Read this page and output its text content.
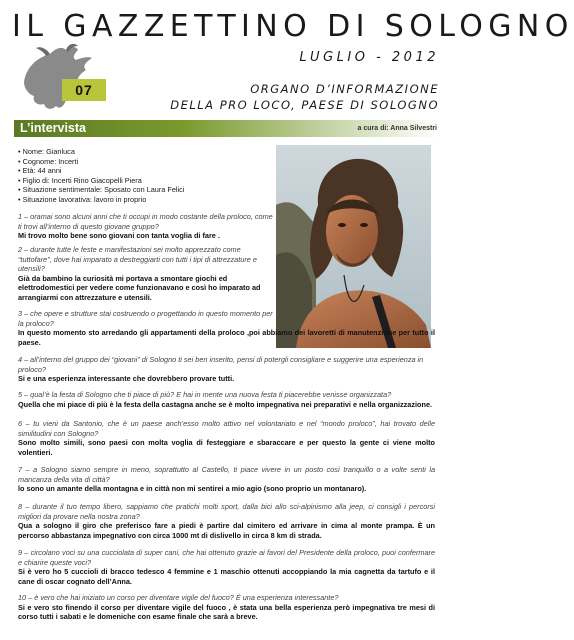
IL GAZZETTINO DI SOLOGNO
07
LUGLIO - 2012
ORGANO D’INFORMAZIONE
DELLA PRO LOCO, PAESE DI SOLOGNO
L’intervista	a cura di: Anna Silvestri
• Nome: Gianluca
• Cognome: Incerti
• Età: 44 anni
• Figlio di: Incerti Rino Giacopelli Piera
• Situazione sentimentale: Sposato con Laura Felici
• Situazione lavorativa: lavoro in proprio
1 – oramai sono alcuni anni che ti occupi in modo costante della proloco, come ti trovi all’interno di questo giovane gruppo?
Mi trovo molto bene sono giovani con tanta voglia di fare .
2 – durante tutte le feste e manifestazioni sei molto apprezzato come “tuttofare”, dove hai imparato a destreggiarti con tutti i tipi di attrezzature e utensili?
Già da bambino la curiosità mi portava a smontare giochi ed elettrodomestici per vedere come funzionavano e così ho imparato ad arrangiarmi con attrezzature e utensili.
3 – che opere e strutture stai costruendo o progettando in questo momento per la proloco?
In questo momento sto arredando gli appartamenti della proloco ,poi abbiamo dei lavoretti di manutenzione per tutto il paese.
4 – all’interno del gruppo dei “giovani” di Sologno ti sei ben inserito, pensi di potergli consigliare e suggerire una esperienza in proloco?
Si e una esperienza interessante che dovrebbero provare tutti.
5 – qual’è la festa di Sologno che ti piace di più? E hai in mente una nuova festa ti piacerebbe venisse organizzata?
Quella che mi piace di più è la festa della castagna anche se è molto impegnativa nei preparativi e nella organizzazione.
6 – tu vieni da Santonio, che è un paese anch’esso molto attivo nel volontariato e nel “mondo proloco”, hai trovato delle similitudini con Sologno?
Sono molto simili, sono paesi con molta voglia di festeggiare e sbaraccare e per questo la gente ci viene molto volentieri.
7 – a Sologno siamo sempre in meno, soprattutto al Castello, ti piace vivere in un posto così tranquillo o a volte senti la mancanza della vita di città?
lo sono un amante della montagna e in città non mi sentirei a mio agio (sono proprio un montanaro).
8 – durante il tuo tempo libero, sappiamo che pratichi molti sport, dalla bici allo sci-alpinismo alla jeep, ci consigli i percorsi migliori da provare nella nostra zona?
Qua a sologno il giro che preferisco fare a piedi è partire dal cimitero ed arrivare in cima al monte prampa. È un percorso abbastanza impegnativo con circa 1000 mt di dislivello in circa 8 km di strada.
9 – circolano voci su una cucciolata di super cani, che hai ottenuto grazie ai favori del Presidente della proloco, puoi confermare e chiarire queste voci?
Si è vero ho 5 cuccioli di bracco tedesco 4 femmine e 1 maschio ottenuti accoppiando la mia cagnetta da tartufo e il cane di oscar cognato dell’Anna.
10 – è vero che hai iniziato un corso per diventare vigile del fuoco? È una esperienza interessante?
Si e vero sto finendo il corso per diventare vigile del fuoco , è stata una bella esperienza però impegnativa tre mesi di corso tutti i sabati e le domeniche con esame finale che sarà a breve.
